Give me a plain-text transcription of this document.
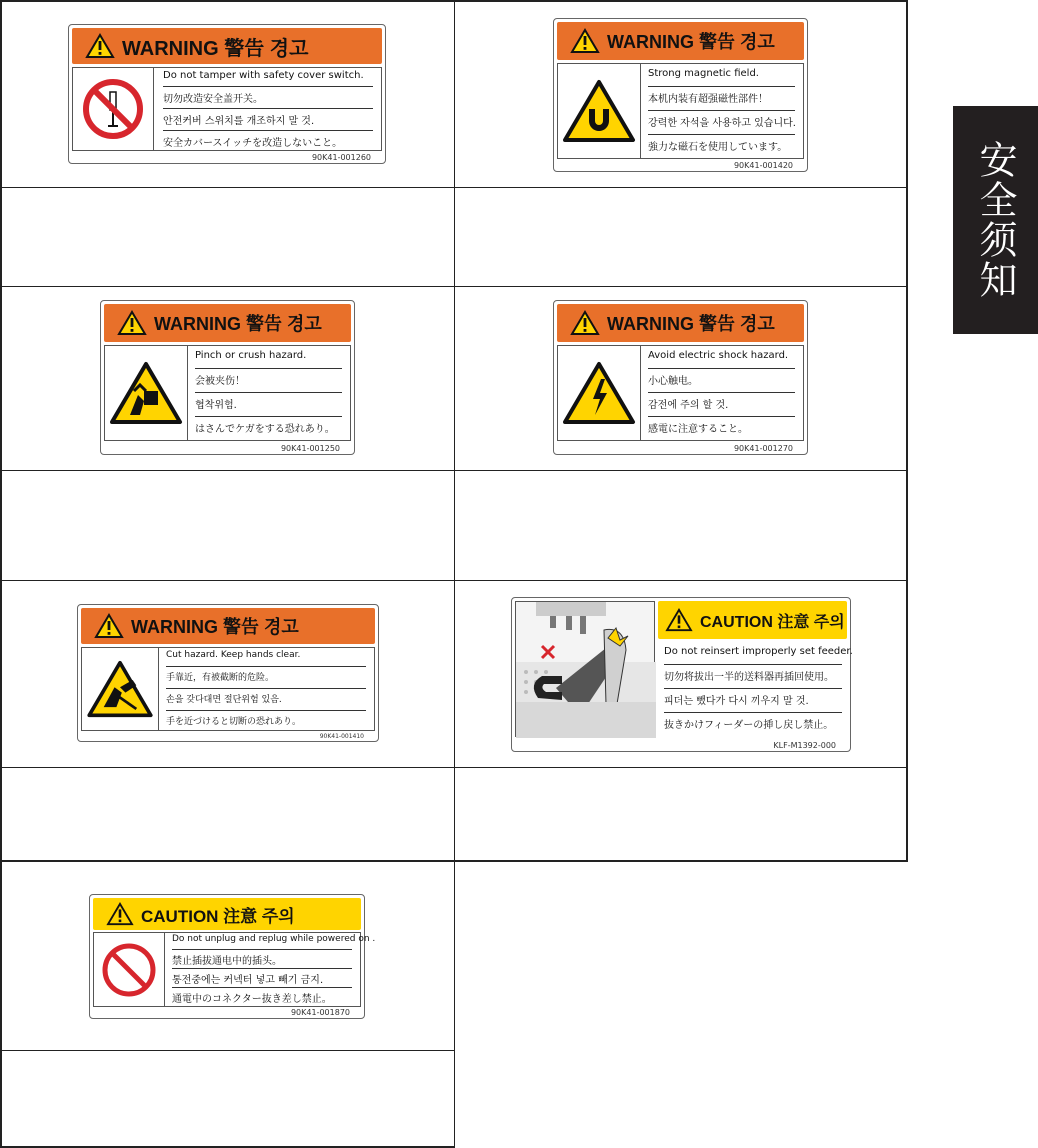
安全须知
WARNING 警告 경고
Do not tamper with safety cover switch.
切勿改造安全盖开关。
안전커버 스위치를 개조하지 말 것.
安全カバースイッチを改造しないこと。
90K41-001260
WARNING 警告 경고
Strong magnetic field.
本机内装有超强磁性部件！
강력한 자석을 사용하고 있습니다.
強力な磁石を使用しています。
90K41-001420
WARNING 警告 경고
Pinch or crush hazard.
会被夹伤！
협착위험.
はさんでケガをする恐れあり。
90K41-001250
WARNING 警告 경고
Avoid electric shock hazard.
小心触电。
감전에 주의 할 것.
感電に注意すること。
90K41-001270
WARNING 警告 경고
Cut hazard. Keep hands clear.
手靠近，有被截断的危险。
손을 갖다대면 절단위험 있음.
手を近づけると切断の恐れあり。
90K41-001410
CAUTION 注意 주의
Do not reinsert improperly set feeder.
切勿将拔出一半的送料器再插回使用。
피더는 뺐다가 다시 끼우지 말 것.
抜きかけフィーダーの挿し戻し禁止。
KLF-M1392-000
CAUTION 注意 주의
Do not unplug and replug while powered on .
禁止插拔通电中的插头。
통전중에는 커넥터 넣고 빼기 금지.
通電中のコネクター抜き差し禁止。
90K41-001870
